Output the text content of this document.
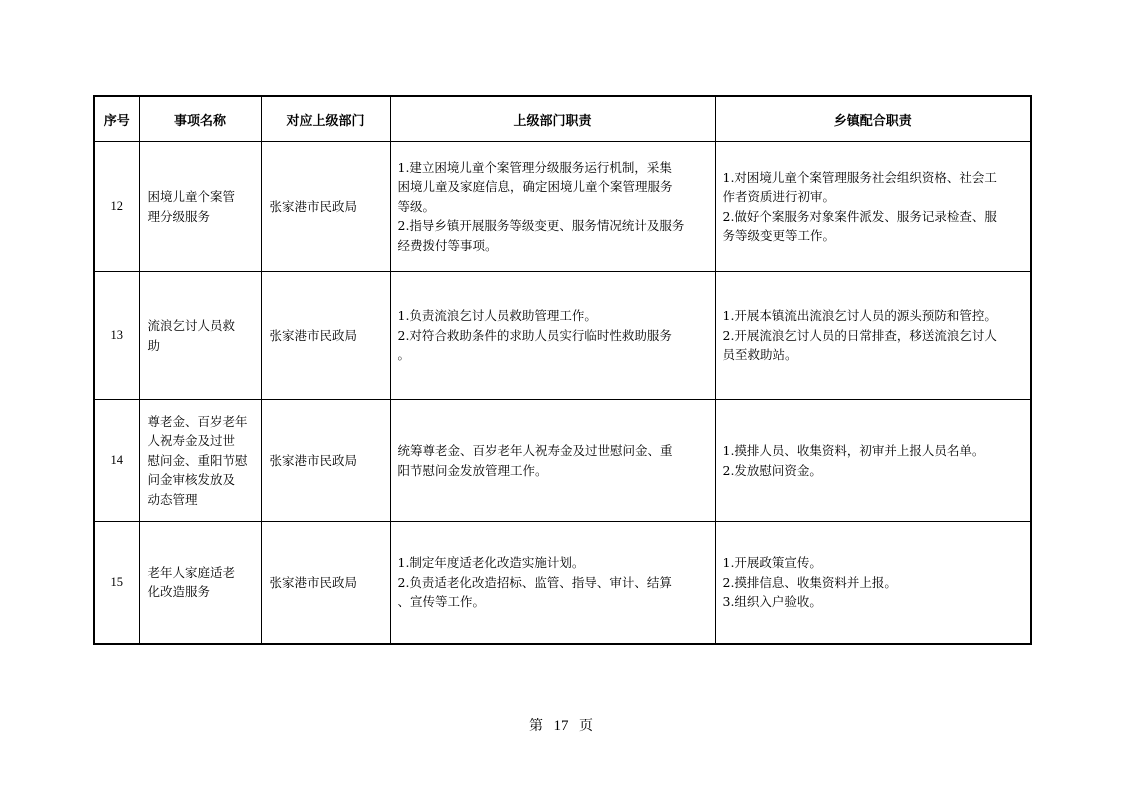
序号	事项名称	对应上级部门	上级部门职责	乡镇配合职责
12	困境儿童个案管
理分级服务	张家港市民政局	1.建立困境儿童个案管理分级服务运行机制，采集
困境儿童及家庭信息，确定困境儿童个案管理服务
等级。
2.指导乡镇开展服务等级变更、服务情况统计及服务
经费拨付等事项。	1.对困境儿童个案管理服务社会组织资格、社会工
作者资质进行初审。
2.做好个案服务对象案件派发、服务记录检查、服
务等级变更等工作。

13	流浪乞讨人员救
助	张家港市民政局	1.负责流浪乞讨人员救助管理工作。
2.对符合救助条件的求助人员实行临时性救助服务
。	1.开展本镇流出流浪乞讨人员的源头预防和管控。
2.开展流浪乞讨人员的日常排查，移送流浪乞讨人
员至救助站。

14	尊老金、百岁老年
人祝寿金及过世
慰问金、重阳节慰
问金审核发放及
动态管理	张家港市民政局	统筹尊老金、百岁老年人祝寿金及过世慰问金、重
阳节慰问金发放管理工作。	1.摸排人员、收集资料，初审并上报人员名单。
2.发放慰问资金。

15	老年人家庭适老
化改造服务	张家港市民政局	1.制定年度适老化改造实施计划。
2.负责适老化改造招标、监管、指导、审计、结算
、宣传等工作。	1.开展政策宣传。
2.摸排信息、收集资料并上报。
3.组织入户验收。
第 17 页
